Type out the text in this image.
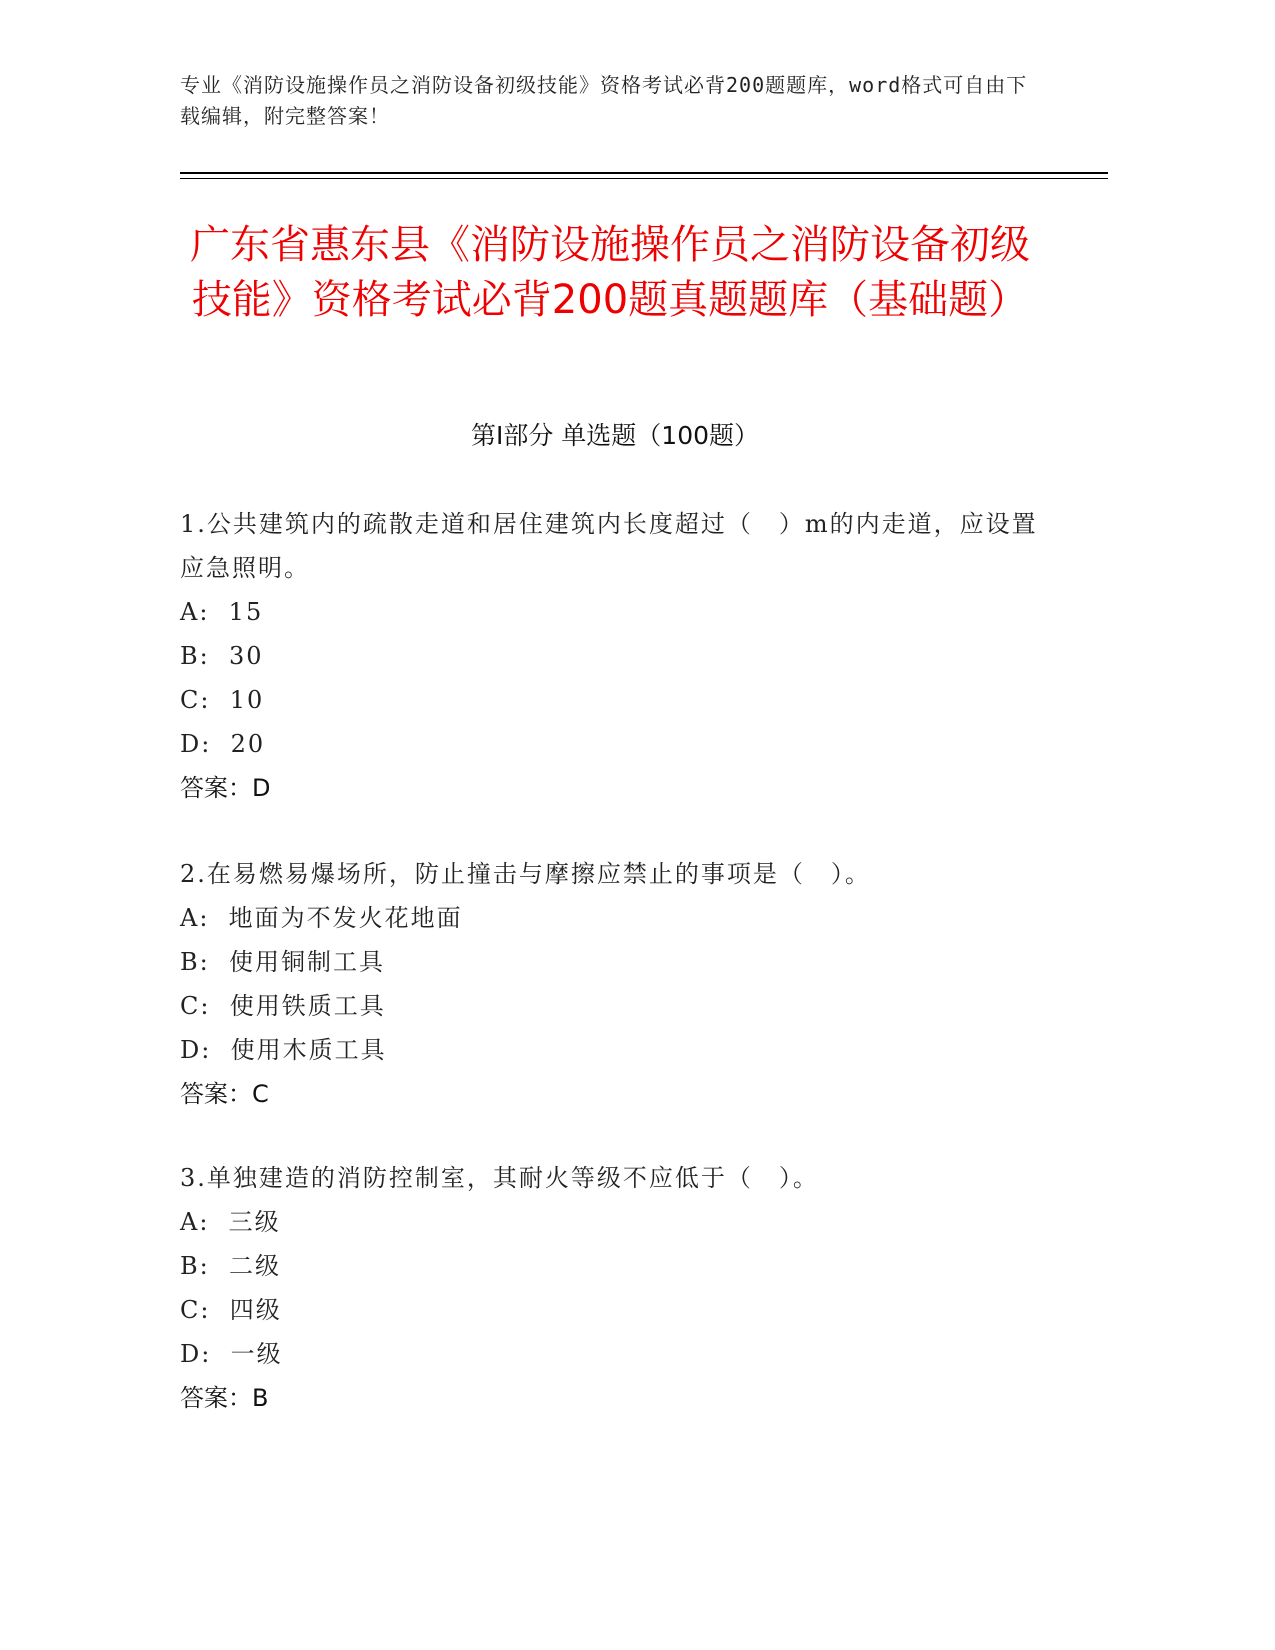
专业《消防设施操作员之消防设备初级技能》资格考试必背200题题库，word格式可自由下载编辑，附完整答案！
广东省惠东县《消防设施操作员之消防设备初级技能》资格考试必背200题真题题库（基础题）
第I部分 单选题（100题）

1.公共建筑内的疏散走道和居住建筑内长度超过（　）m的内走道，应设置应急照明。

A:  15

B:  30

C:  10

D:  20

答案：D

2.在易燃易爆场所，防止撞击与摩擦应禁止的事项是（　）。

A:  地面为不发火花地面

B:  使用铜制工具

C:  使用铁质工具

D:  使用木质工具

答案：C

3.单独建造的消防控制室，其耐火等级不应低于（　）。

A:  三级

B:  二级

C:  四级

D:  一级

答案：B
